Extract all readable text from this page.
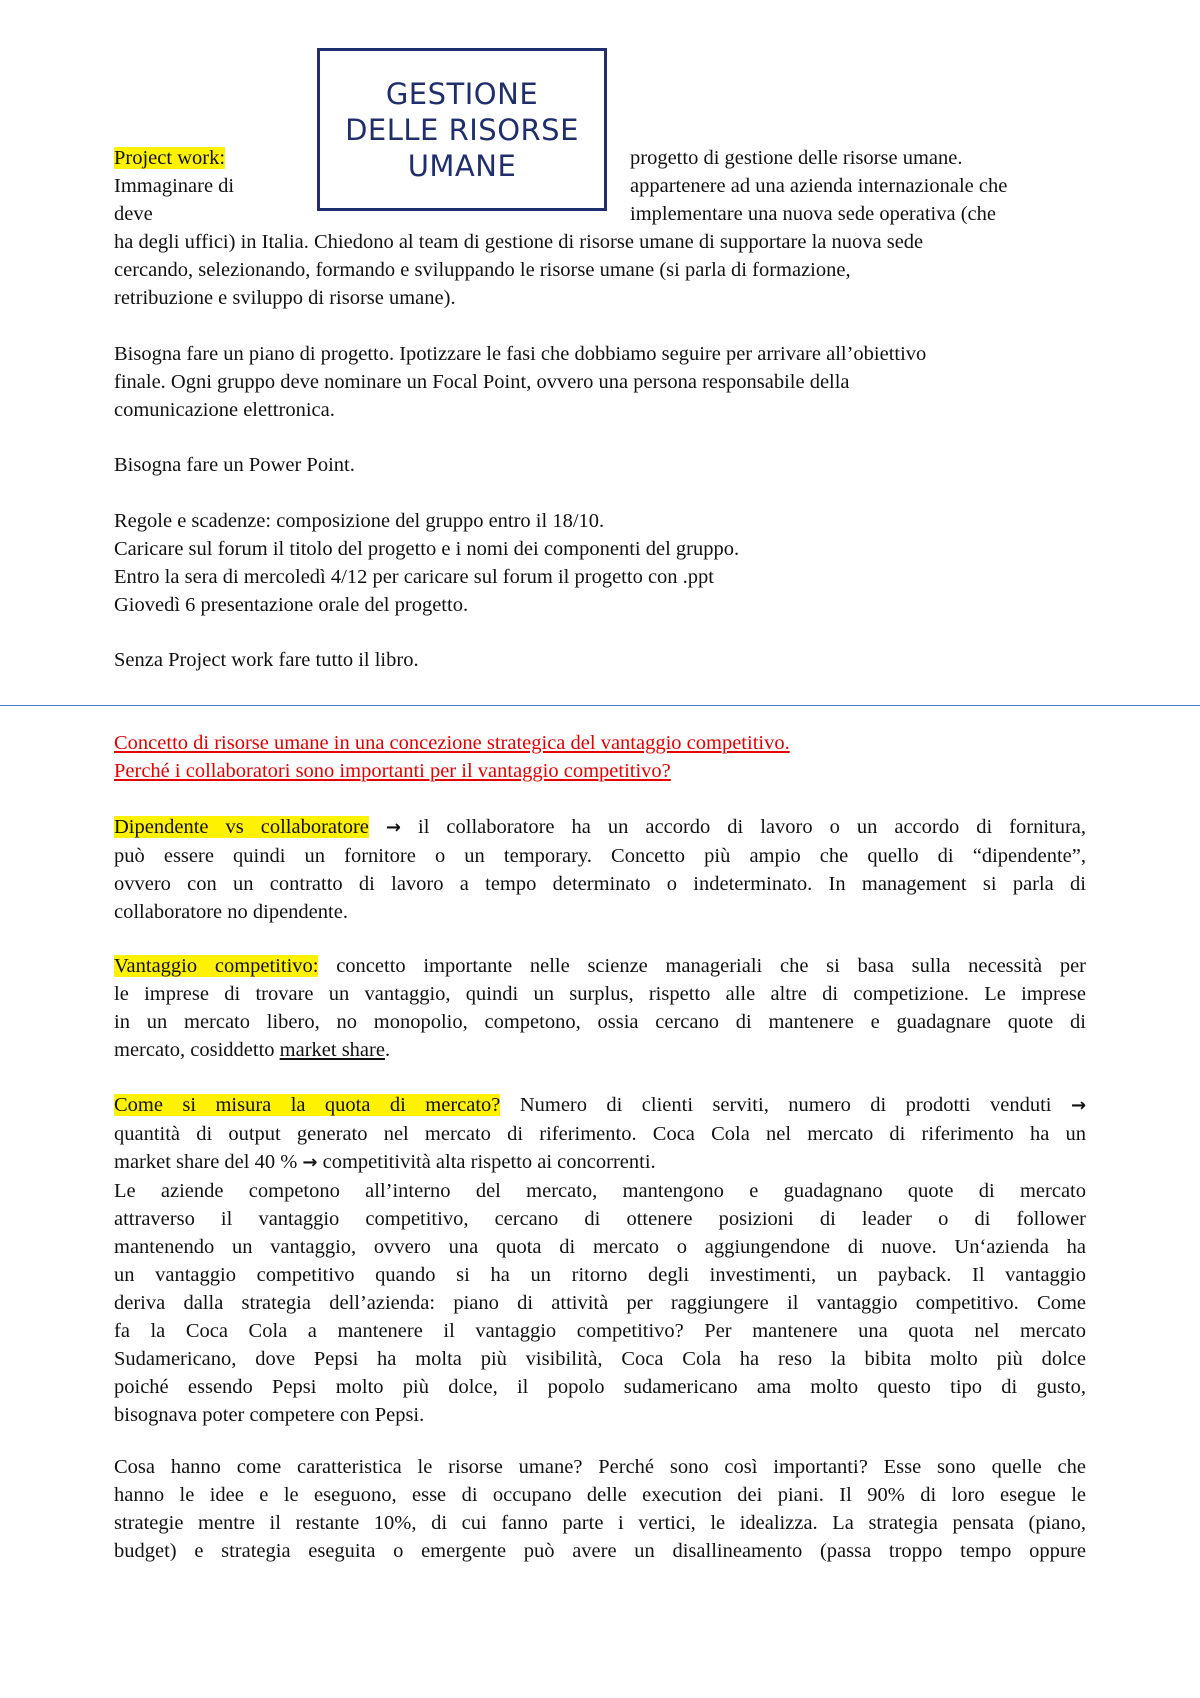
GESTIONE
DELLE RISORSE
UMANE
Project work:	progetto di gestione delle risorse umane.
Immaginare di	appartenere ad una azienda internazionale che
deve	implementare una nuova sede operativa (che
ha degli uffici) in Italia. Chiedono al team di gestione di risorse umane di supportare la nuova sede
cercando, selezionando, formando e sviluppando le risorse umane (si parla di formazione,
retribuzione e sviluppo di risorse umane).
Bisogna fare un piano di progetto. Ipotizzare le fasi che dobbiamo seguire per arrivare all’obiettivo
finale. Ogni gruppo deve nominare un Focal Point, ovvero una persona responsabile della
comunicazione elettronica.
Bisogna fare un Power Point.
Regole e scadenze: composizione del gruppo entro il 18/10.
Caricare sul forum il titolo del progetto e i nomi dei componenti del gruppo.
Entro la sera di mercoledì 4/12 per caricare sul forum il progetto con .ppt
Giovedì 6 presentazione orale del progetto.
Senza Project work fare tutto il libro.
Concetto di risorse umane in una concezione strategica del vantaggio competitivo.
Perché i collaboratori sono importanti per il vantaggio competitivo?
Dipendente vs collaboratore → il collaboratore ha un accordo di lavoro o un accordo di fornitura,
può essere quindi un fornitore o un temporary. Concetto più ampio che quello di “dipendente”,
ovvero con un contratto di lavoro a tempo determinato o indeterminato. In management si parla di
collaboratore no dipendente.
Vantaggio competitivo: concetto importante nelle scienze manageriali che si basa sulla necessità per
le imprese di trovare un vantaggio, quindi un surplus, rispetto alle altre di competizione. Le imprese
in un mercato libero, no monopolio, competono, ossia cercano di mantenere e guadagnare quote di
mercato, cosiddetto market share.
Come si misura la quota di mercato? Numero di clienti serviti, numero di prodotti venduti →
quantità di output generato nel mercato di riferimento. Coca Cola nel mercato di riferimento ha un
market share del 40 % → competitività alta rispetto ai concorrenti.
Le aziende competono all’interno del mercato, mantengono e guadagnano quote di mercato
attraverso il vantaggio competitivo, cercano di ottenere posizioni di leader o di follower
mantenendo un vantaggio, ovvero una quota di mercato o aggiungendone di nuove. Un‘azienda ha
un vantaggio competitivo quando si ha un ritorno degli investimenti, un payback. Il vantaggio
deriva dalla strategia dell’azienda: piano di attività per raggiungere il vantaggio competitivo. Come
fa la Coca Cola a mantenere il vantaggio competitivo? Per mantenere una quota nel mercato
Sudamericano, dove Pepsi ha molta più visibilità, Coca Cola ha reso la bibita molto più dolce
poiché essendo Pepsi molto più dolce, il popolo sudamericano ama molto questo tipo di gusto,
bisognava poter competere con Pepsi.
Cosa hanno come caratteristica le risorse umane? Perché sono così importanti? Esse sono quelle che
hanno le idee e le eseguono, esse di occupano delle execution dei piani. Il 90% di loro esegue le
strategie mentre il restante 10%, di cui fanno parte i vertici, le idealizza. La strategia pensata (piano,
budget) e strategia eseguita o emergente può avere un disallineamento (passa troppo tempo oppure
